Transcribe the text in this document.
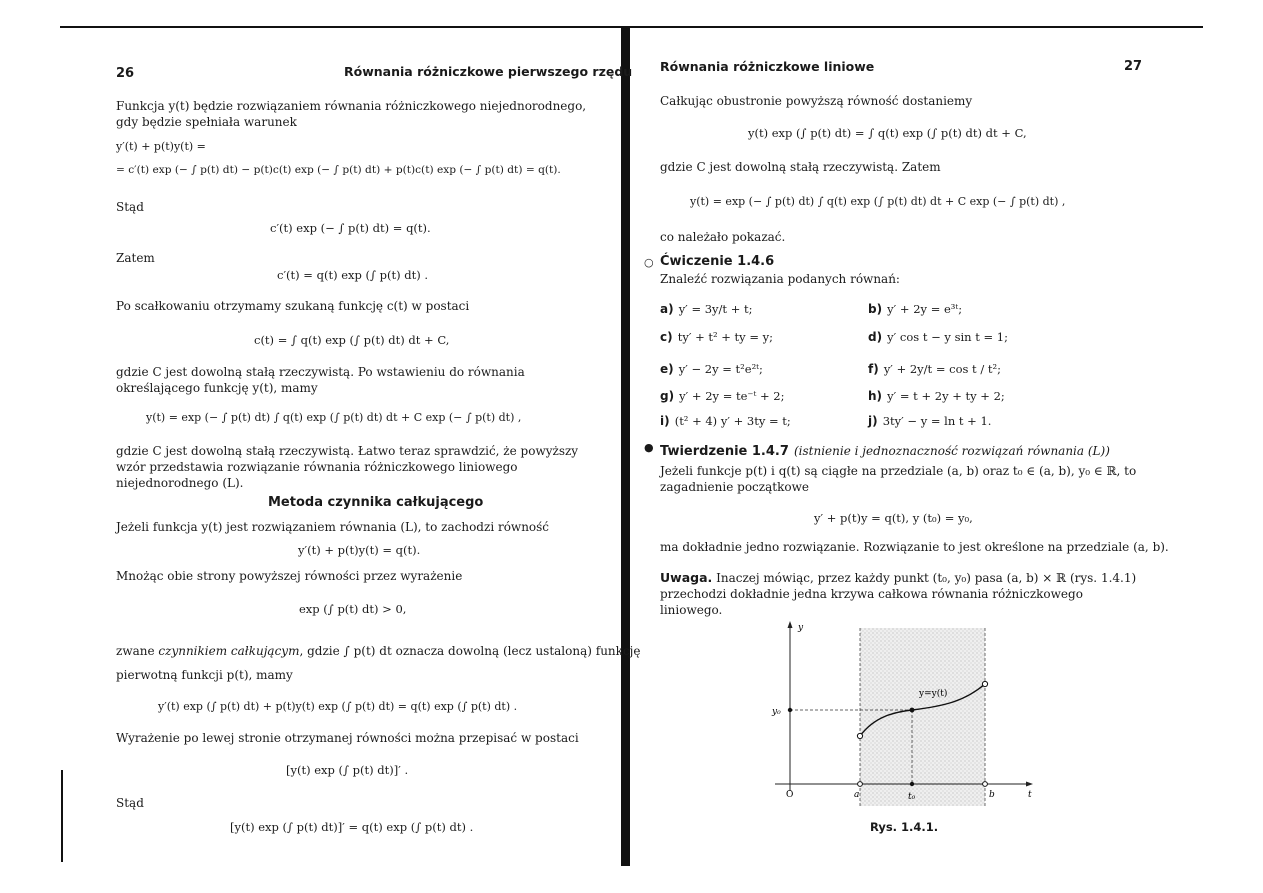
26	Równania różniczkowe pierwszego rzędu
Funkcja y(t) będzie rozwiązaniem równania różniczkowego niejednorodnego, gdy będzie spełniała warunek
y′(t) + p(t)y(t) =
= c′(t) exp (− ∫ p(t) dt) − p(t)c(t) exp (− ∫ p(t) dt) + p(t)c(t) exp (− ∫ p(t) dt) = q(t).
Stąd
c′(t) exp (− ∫ p(t) dt) = q(t).
Zatem
c′(t) = q(t) exp (∫ p(t) dt) .
Po scałkowaniu otrzymamy szukaną funkcję c(t) w postaci
c(t) = ∫ q(t) exp (∫ p(t) dt) dt + C,
gdzie C jest dowolną stałą rzeczywistą. Po wstawieniu do równania określającego funkcję y(t), mamy
y(t) = exp (− ∫ p(t) dt) ∫ q(t) exp (∫ p(t) dt) dt + C exp (− ∫ p(t) dt) ,
gdzie C jest dowolną stałą rzeczywistą. Łatwo teraz sprawdzić, że powyższy wzór przedstawia rozwiązanie równania różniczkowego liniowego niejednorodnego (L).
Metoda czynnika całkującego
Jeżeli funkcja y(t) jest rozwiązaniem równania (L), to zachodzi równość
y′(t) + p(t)y(t) = q(t).
Mnożąc obie strony powyższej równości przez wyrażenie
exp (∫ p(t) dt) > 0,
zwane czynnikiem całkującym, gdzie ∫ p(t) dt oznacza dowolną (lecz ustaloną) funkcję
pierwotną funkcji p(t), mamy
y′(t) exp (∫ p(t) dt) + p(t)y(t) exp (∫ p(t) dt) = q(t) exp (∫ p(t) dt) .
Wyrażenie po lewej stronie otrzymanej równości można przepisać w postaci
[y(t) exp (∫ p(t) dt)]′ .
Stąd
[y(t) exp (∫ p(t) dt)]′ = q(t) exp (∫ p(t) dt) .
Równania różniczkowe liniowe	27
Całkując obustronie powyższą równość dostaniemy
y(t) exp (∫ p(t) dt) = ∫ q(t) exp (∫ p(t) dt) dt + C,
gdzie C jest dowolną stałą rzeczywistą. Zatem
y(t) = exp (− ∫ p(t) dt) ∫ q(t) exp (∫ p(t) dt) dt + C exp (− ∫ p(t) dt) ,
co należało pokazać.
○ Ćwiczenie 1.4.6
Znaleźć rozwiązania podanych równań:
a) y′ = 3y/t + t;	b) y′ + 2y = e³ᵗ;
c) ty′ + t² + ty = y;	d) y′ cos t − y sin t = 1;
e) y′ − 2y = t²e²ᵗ;	f) y′ + 2y/t = cos t / t²;
g) y′ + 2y = te⁻ᵗ + 2;	h) y′ = t + 2y + ty + 2;
i) (t² + 4) y′ + 3ty = t;	j) 3ty′ − y = ln t + 1.
● Twierdzenie 1.4.7 (istnienie i jednoznaczność rozwiązań równania (L))
Jeżeli funkcje p(t) i q(t) są ciągłe na przedziale (a, b) oraz t₀ ∈ (a, b), y₀ ∈ ℝ, to zagadnienie początkowe
y′ + p(t)y = q(t), y (t₀) = y₀,
ma dokładnie jedno rozwiązanie. Rozwiązanie to jest określone na przedziale (a, b).
Uwaga. Inaczej mówiąc, przez każdy punkt (t₀, y₀) pasa (a, b) × ℝ (rys. 1.4.1) przechodzi dokładnie jedna krzywa całkowa równania różniczkowego liniowego.
y
t
O	a	b
t₀
y₀
y=y(t)
Rys. 1.4.1.
